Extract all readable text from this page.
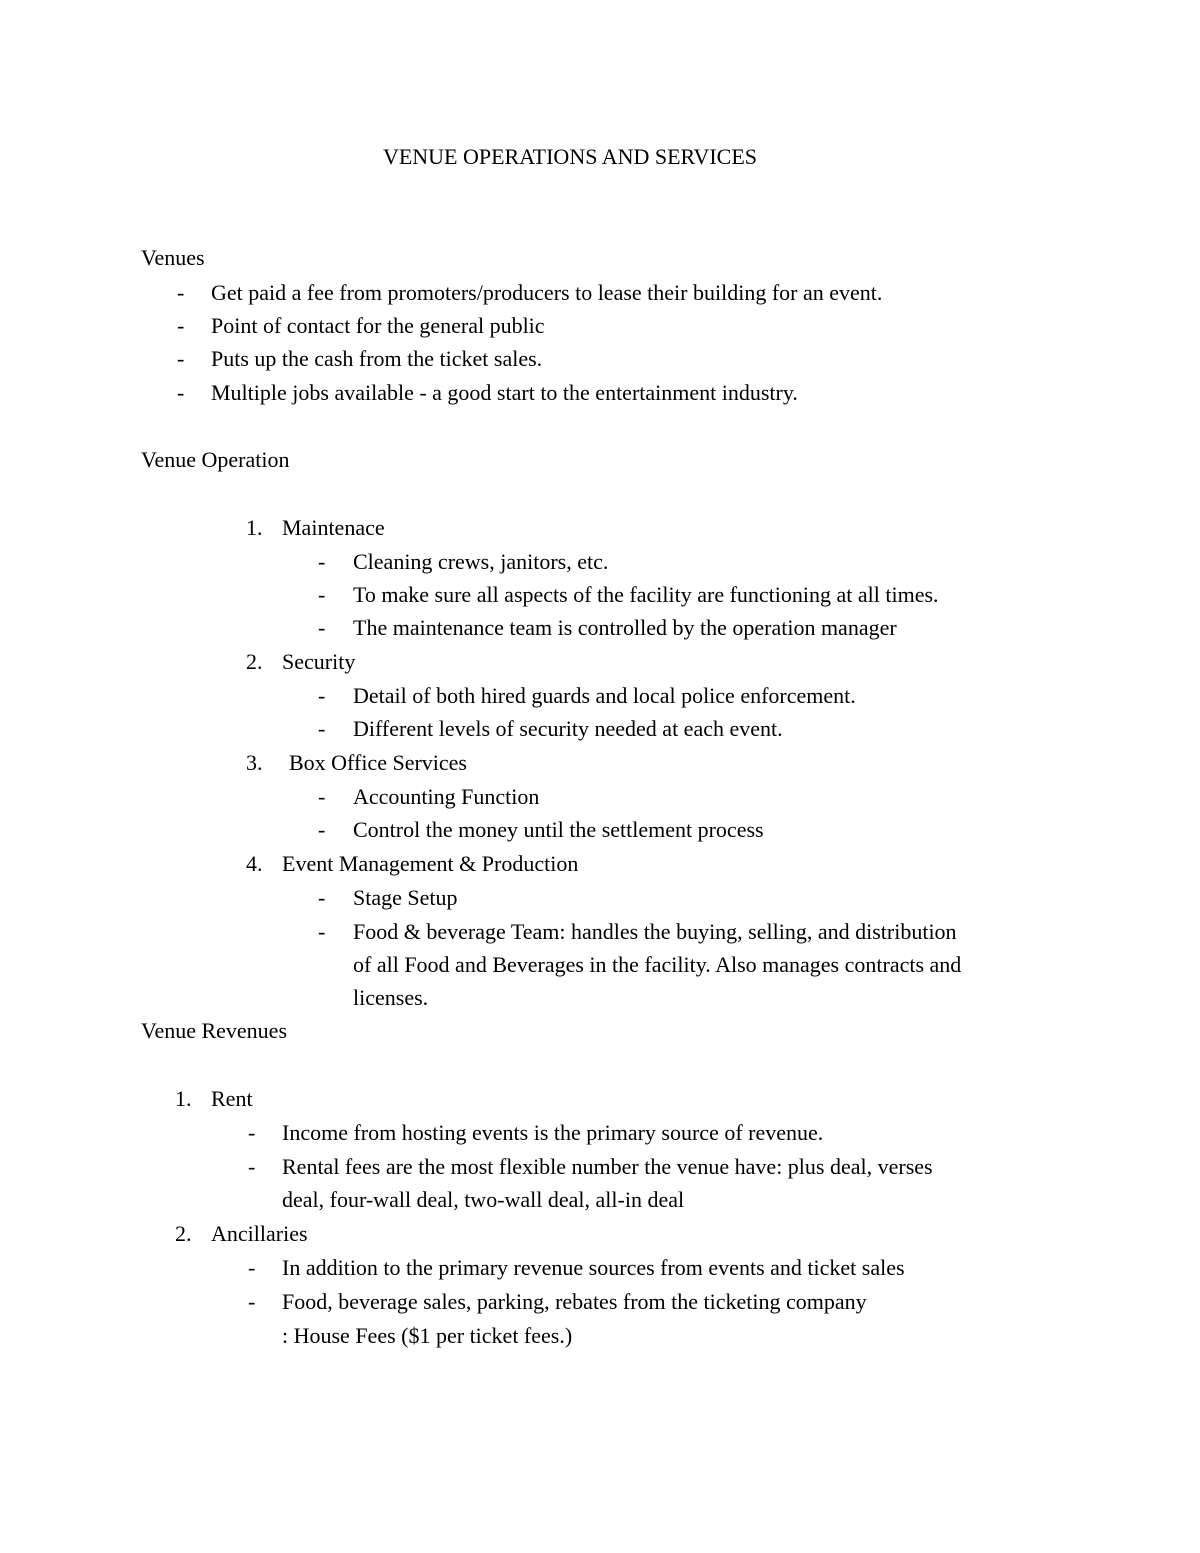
VENUE OPERATIONS AND SERVICES
Venues
- Get paid a fee from promoters/producers to lease their building for an event.
- Point of contact for the general public
- Puts up the cash from the ticket sales.
- Multiple jobs available - a good start to the entertainment industry.
Venue Operation
1. Maintenace
- Cleaning crews, janitors, etc.
- To make sure all aspects of the facility are functioning at all times.
- The maintenance team is controlled by the operation manager
2. Security
- Detail of both hired guards and local police enforcement.
- Different levels of security needed at each event.
3. Box Office Services
- Accounting Function
- Control the money until the settlement process
4. Event Management & Production
- Stage Setup
- Food & beverage Team: handles the buying, selling, and distribution
of all Food and Beverages in the facility. Also manages contracts and
licenses.
Venue Revenues
1. Rent
- Income from hosting events is the primary source of revenue.
- Rental fees are the most flexible number the venue have: plus deal, verses
deal, four-wall deal, two-wall deal, all-in deal
2. Ancillaries
- In addition to the primary revenue sources from events and ticket sales
- Food, beverage sales, parking, rebates from the ticketing company
: House Fees ($1 per ticket fees.)
